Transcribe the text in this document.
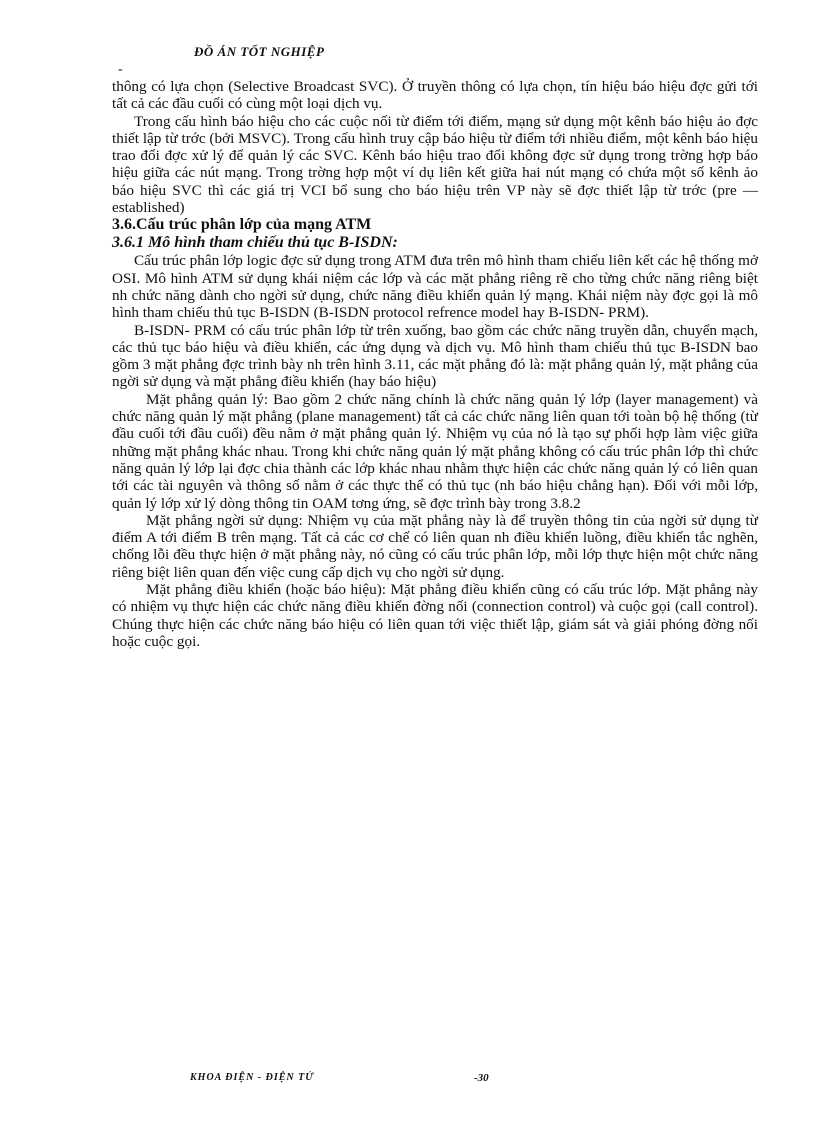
ĐỒ ÁN TỐT NGHIỆP
-

thông có lựa chọn (Selective Broadcast SVC). Ở truyền thông có lựa chọn, tín hiệu báo hiệu đợc gửi tới tất cả các đầu cuối có cùng một loại dịch vụ.

Trong cấu hình báo hiệu cho các cuộc nối từ điểm tới điểm, mạng sử dụng một kênh báo hiệu ảo đợc thiết lập từ trớc (bởi MSVC). Trong cấu hình truy cập báo hiệu từ điểm tới nhiều điểm, một kênh báo hiệu trao đổi đợc xử lý để quản lý các SVC. Kênh báo hiệu trao đổi không đợc sử dụng trong trờng hợp báo hiệu giữa các nút mạng. Trong trờng hợp một ví dụ liên kết giữa hai nút mạng có chứa một số kênh ảo báo hiệu SVC thì các giá trị VCI bổ sung cho báo hiệu trên VP này sẽ đợc thiết lập từ trớc (pre — established)

3.6.Cấu trúc phân lớp của mạng ATM
3.6.1 Mô hình tham chiếu thủ tục B-ISDN:

Cấu trúc phân lớp logic đợc sử dụng trong ATM đưa trên mô hình tham chiếu liên kết các hệ thống mở OSI. Mô hình ATM sử dụng khái niệm các lớp và các mặt phẳng riêng rẽ cho từng chức năng riêng biệt nh chức năng dành cho ngời sử dụng, chức năng điều khiển quản lý mạng. Khái niệm này đợc gọi là mô hình tham chiếu thủ tục B-ISDN (B-ISDN protocol refrence model hay B-ISDN- PRM).

B-ISDN- PRM có cấu trúc phân lớp từ trên xuống, bao gồm các chức năng truyền dẫn, chuyển mạch, các thủ tục báo hiệu và điều khiển, các ứng dụng và dịch vụ. Mô hình tham chiếu thủ tục B-ISDN bao gồm 3 mặt phẳng đợc trình bày nh trên hình 3.11, các mặt phẳng đó là: mặt phẳng quản lý, mặt phẳng của ngời sử dụng và mặt phẳng điều khiển (hay báo hiệu)

Mặt phẳng quản lý: Bao gồm 2 chức năng chính là chức năng quản lý lớp (layer management) và chức năng quản lý mặt phẳng (plane management) tất cả các chức năng liên quan tới toàn bộ hệ thống (từ đầu cuối tới đầu cuối) đều nằm ở mặt phẳng quản lý. Nhiệm vụ của nó là tạo sự phối hợp làm việc giữa những mặt phẳng khác nhau. Trong khi chức năng quản lý mặt phẳng không có cấu trúc phân lớp thì chức năng quản lý lớp lại đợc chia thành các lớp khác nhau nhằm thực hiện các chức năng quản lý có liên quan tới các tài nguyên và thông số nằm ở các thực thể có thủ tục (nh báo hiệu chẳng hạn). Đối với mỗi lớp, quản lý lớp xử lý dòng thông tin OAM tơng ứng, sẽ đợc trình bày trong 3.8.2

Mặt phẳng ngời sử dụng: Nhiệm vụ của mặt phẳng này là để truyền thông tin của ngời sử dụng từ điểm A tới điểm B trên mạng. Tất cả các cơ chế có liên quan nh điều khiển luồng, điều khiển tắc nghẽn, chống lỗi đều thực hiện ở mặt phẳng này, nó cũng có cấu trúc phân lớp, mỗi lớp thực hiện một chức năng riêng biệt liên quan đến việc cung cấp dịch vụ cho ngời sử dụng.

Mặt phẳng điều khiển (hoặc báo hiệu): Mặt phẳng điều khiển cũng có cấu trúc lớp. Mặt phẳng này có nhiệm vụ thực hiện các chức năng điều khiển đờng nối (connection control) và cuộc gọi (call control). Chúng thực hiện các chức năng báo hiệu có liên quan tới việc thiết lập, giám sát và giải phóng đờng nối hoặc cuộc gọi.

KHOA ĐIỆN - ĐIỆN TỬ	-30
